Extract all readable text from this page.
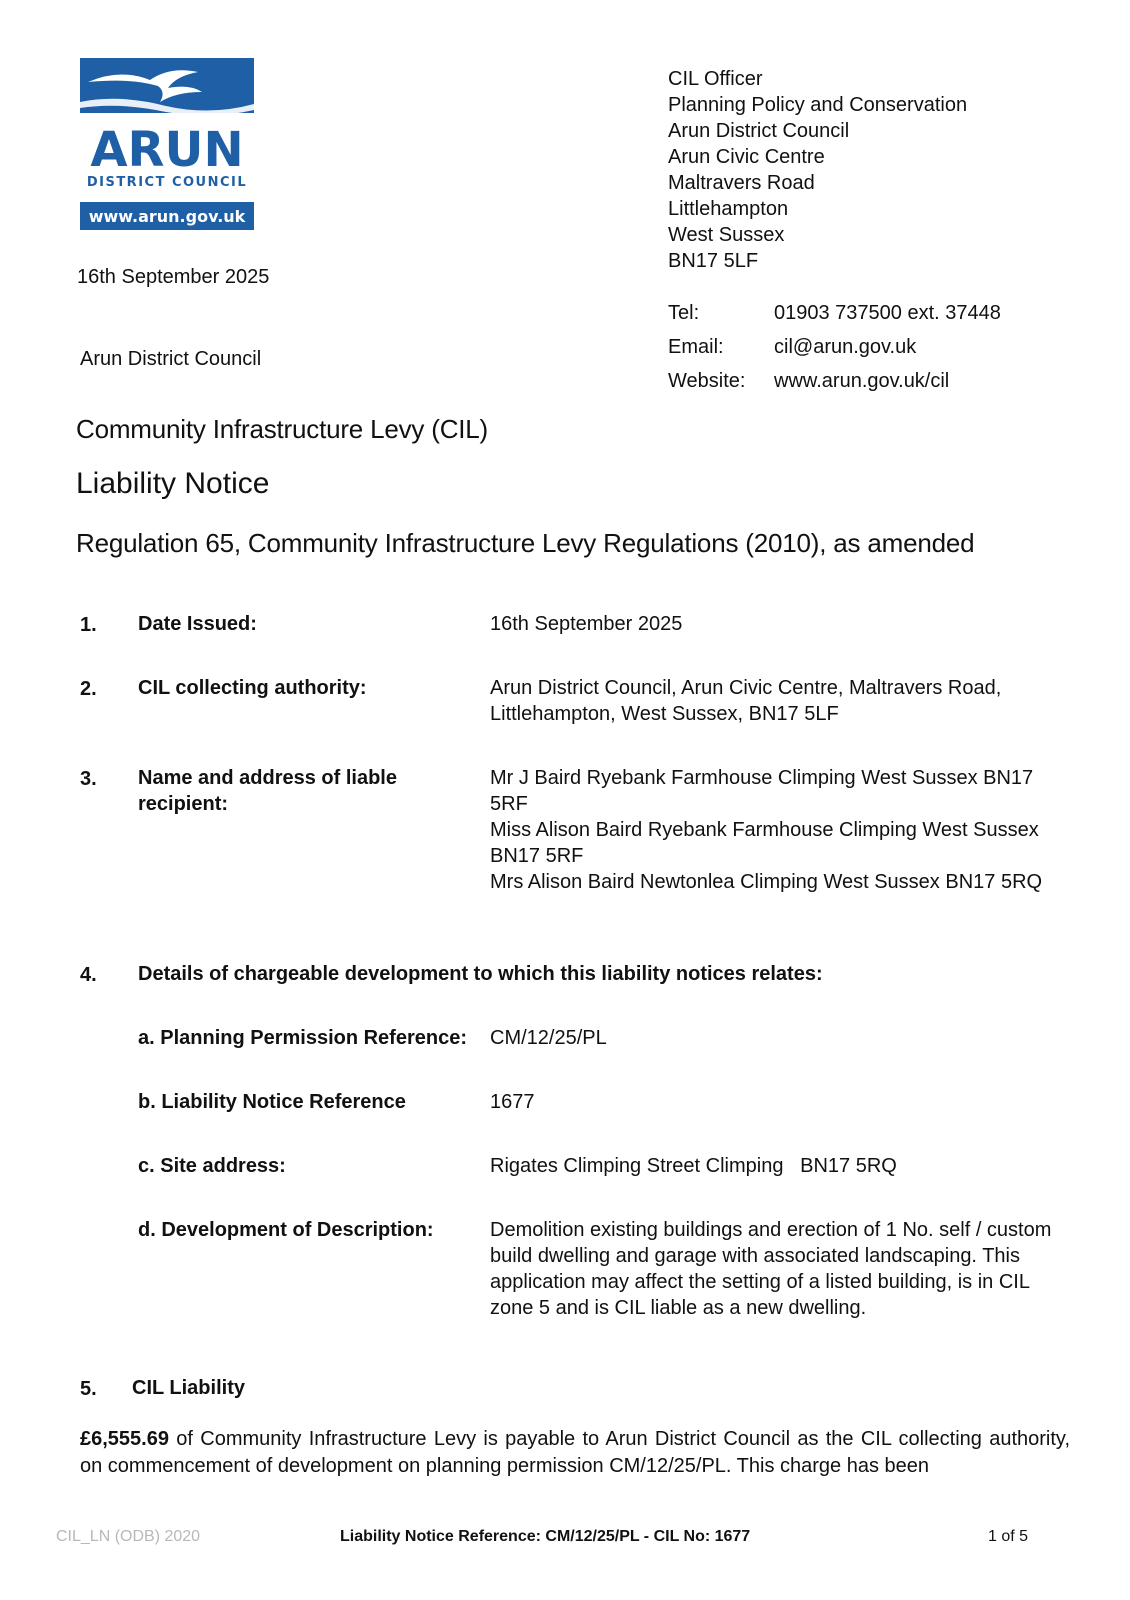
ARUN
DISTRICT COUNCIL
www.arun.gov.uk
16th September 2025
Arun District Council
CIL Officer
Planning Policy and Conservation
Arun District Council
Arun Civic Centre
Maltravers Road
Littlehampton
West Sussex
BN17 5LF
Tel:	01903 737500 ext. 37448
Email:	cil@arun.gov.uk
Website:	www.arun.gov.uk/cil
Community Infrastructure Levy (CIL)
Liability Notice
Regulation 65, Community Infrastructure Levy Regulations (2010), as amended
1. Date Issued:	16th September 2025
2. CIL collecting authority:	Arun District Council, Arun Civic Centre, Maltravers Road, Littlehampton, West Sussex, BN17 5LF
3. Name and address of liable recipient:
Mr J Baird Ryebank Farmhouse Climping West Sussex BN17 5RF
Miss Alison Baird Ryebank Farmhouse Climping West Sussex BN17 5RF
Mrs Alison Baird Newtonlea Climping West Sussex BN17 5RQ
4. Details of chargeable development to which this liability notices relates:
a. Planning Permission Reference: CM/12/25/PL
b. Liability Notice Reference	1677
c. Site address:	Rigates Climping Street Climping   BN17 5RQ
d. Development of Description:	Demolition existing buildings and erection of 1 No. self / custom build dwelling and garage with associated landscaping. This application may affect the setting of a listed building, is in CIL zone 5 and is CIL liable as a new dwelling.
5. CIL Liability
£6,555.69 of Community Infrastructure Levy is payable to Arun District Council as the CIL collecting authority, on commencement of development on planning permission CM/12/25/PL. This charge has been
CIL_LN (ODB) 2020	Liability Notice Reference: CM/12/25/PL - CIL No: 1677	1 of 5
